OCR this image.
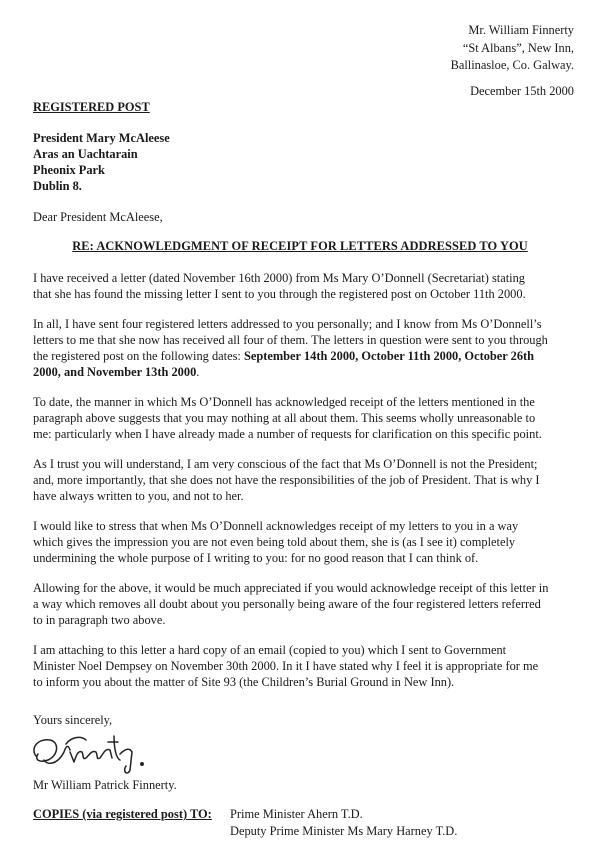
Mr. William Finnerty
“St Albans”, New Inn,
Ballinasloe, Co. Galway.
December 15th 2000
REGISTERED POST
President Mary McAleese
Aras an Uachtarain
Pheonix Park
Dublin 8.
Dear President McAleese,
RE: ACKNOWLEDGMENT OF RECEIPT FOR LETTERS ADDRESSED TO YOU

I have received a letter (dated November 16th 2000) from Ms Mary O’Donnell (Secretariat) stating
that she has found the missing letter I sent to you through the registered post on October 11th 2000.

In all, I have sent four registered letters addressed to you personally; and I know from Ms O’Donnell’s
letters to me that she now has received all four of them. The letters in question were sent to you through
the registered post on the following dates: September 14th 2000, October 11th 2000, October 26th
2000, and November 13th 2000.

To date, the manner in which Ms O’Donnell has acknowledged receipt of the letters mentioned in the
paragraph above suggests that you may nothing at all about them. This seems wholly unreasonable to
me: particularly when I have already made a number of requests for clarification on this specific point.

As I trust you will understand, I am very conscious of the fact that Ms O’Donnell is not the President;
and, more importantly, that she does not have the responsibilities of the job of President. That is why I
have always written to you, and not to her.

I would like to stress that when Ms O’Donnell acknowledges receipt of my letters to you in a way
which gives the impression you are not even being told about them, she is (as I see it) completely
undermining the whole purpose of I writing to you: for no good reason that I can think of.

Allowing for the above, it would be much appreciated if you would acknowledge receipt of this letter in
a way which removes all doubt about you personally being aware of the four registered letters referred
to in paragraph two above.

I am attaching to this letter a hard copy of an email (copied to you) which I sent to Government
Minister Noel Dempsey on November 30th 2000. In it I have stated why I feel it is appropriate for me
to inform you about the matter of Site 93 (the Children’s Burial Ground in New Inn).

Yours sincerely,
Mr William Patrick Finnerty.
COPIES (via registered post) TO: Prime Minister Ahern T.D.
Deputy Prime Minister Ms Mary Harney T.D.
